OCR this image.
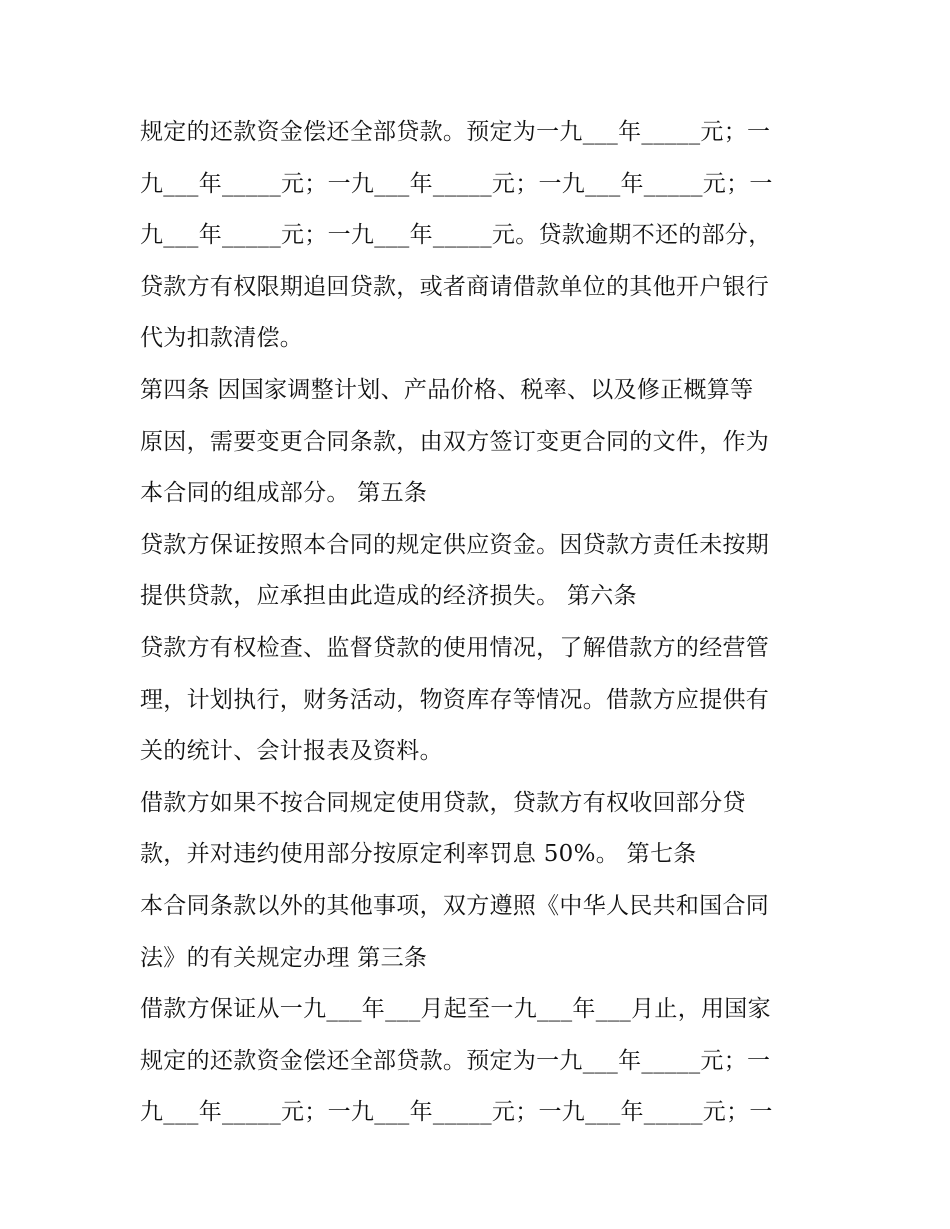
规定的还款资金偿还全部贷款。预定为一九___年_____元；一
九___年_____元；一九___年_____元；一九___年_____元；一
九___年_____元；一九___年_____元。贷款逾期不还的部分，
贷款方有权限期追回贷款，或者商请借款单位的其他开户银行
代为扣款清偿。
第四条 因国家调整计划、产品价格、税率、以及修正概算等
原因，需要变更合同条款，由双方签订变更合同的文件，作为
本合同的组成部分。 第五条
贷款方保证按照本合同的规定供应资金。因贷款方责任未按期
提供贷款，应承担由此造成的经济损失。 第六条
贷款方有权检查、监督贷款的使用情况，了解借款方的经营管
理，计划执行，财务活动，物资库存等情况。借款方应提供有
关的统计、会计报表及资料。
借款方如果不按合同规定使用贷款，贷款方有权收回部分贷
款，并对违约使用部分按原定利率罚息 50%。 第七条
本合同条款以外的其他事项，双方遵照《中华人民共和国合同
法》的有关规定办理 第三条
借款方保证从一九___年___月起至一九___年___月止，用国家
规定的还款资金偿还全部贷款。预定为一九___年_____元；一
九___年_____元；一九___年_____元；一九___年_____元；一
